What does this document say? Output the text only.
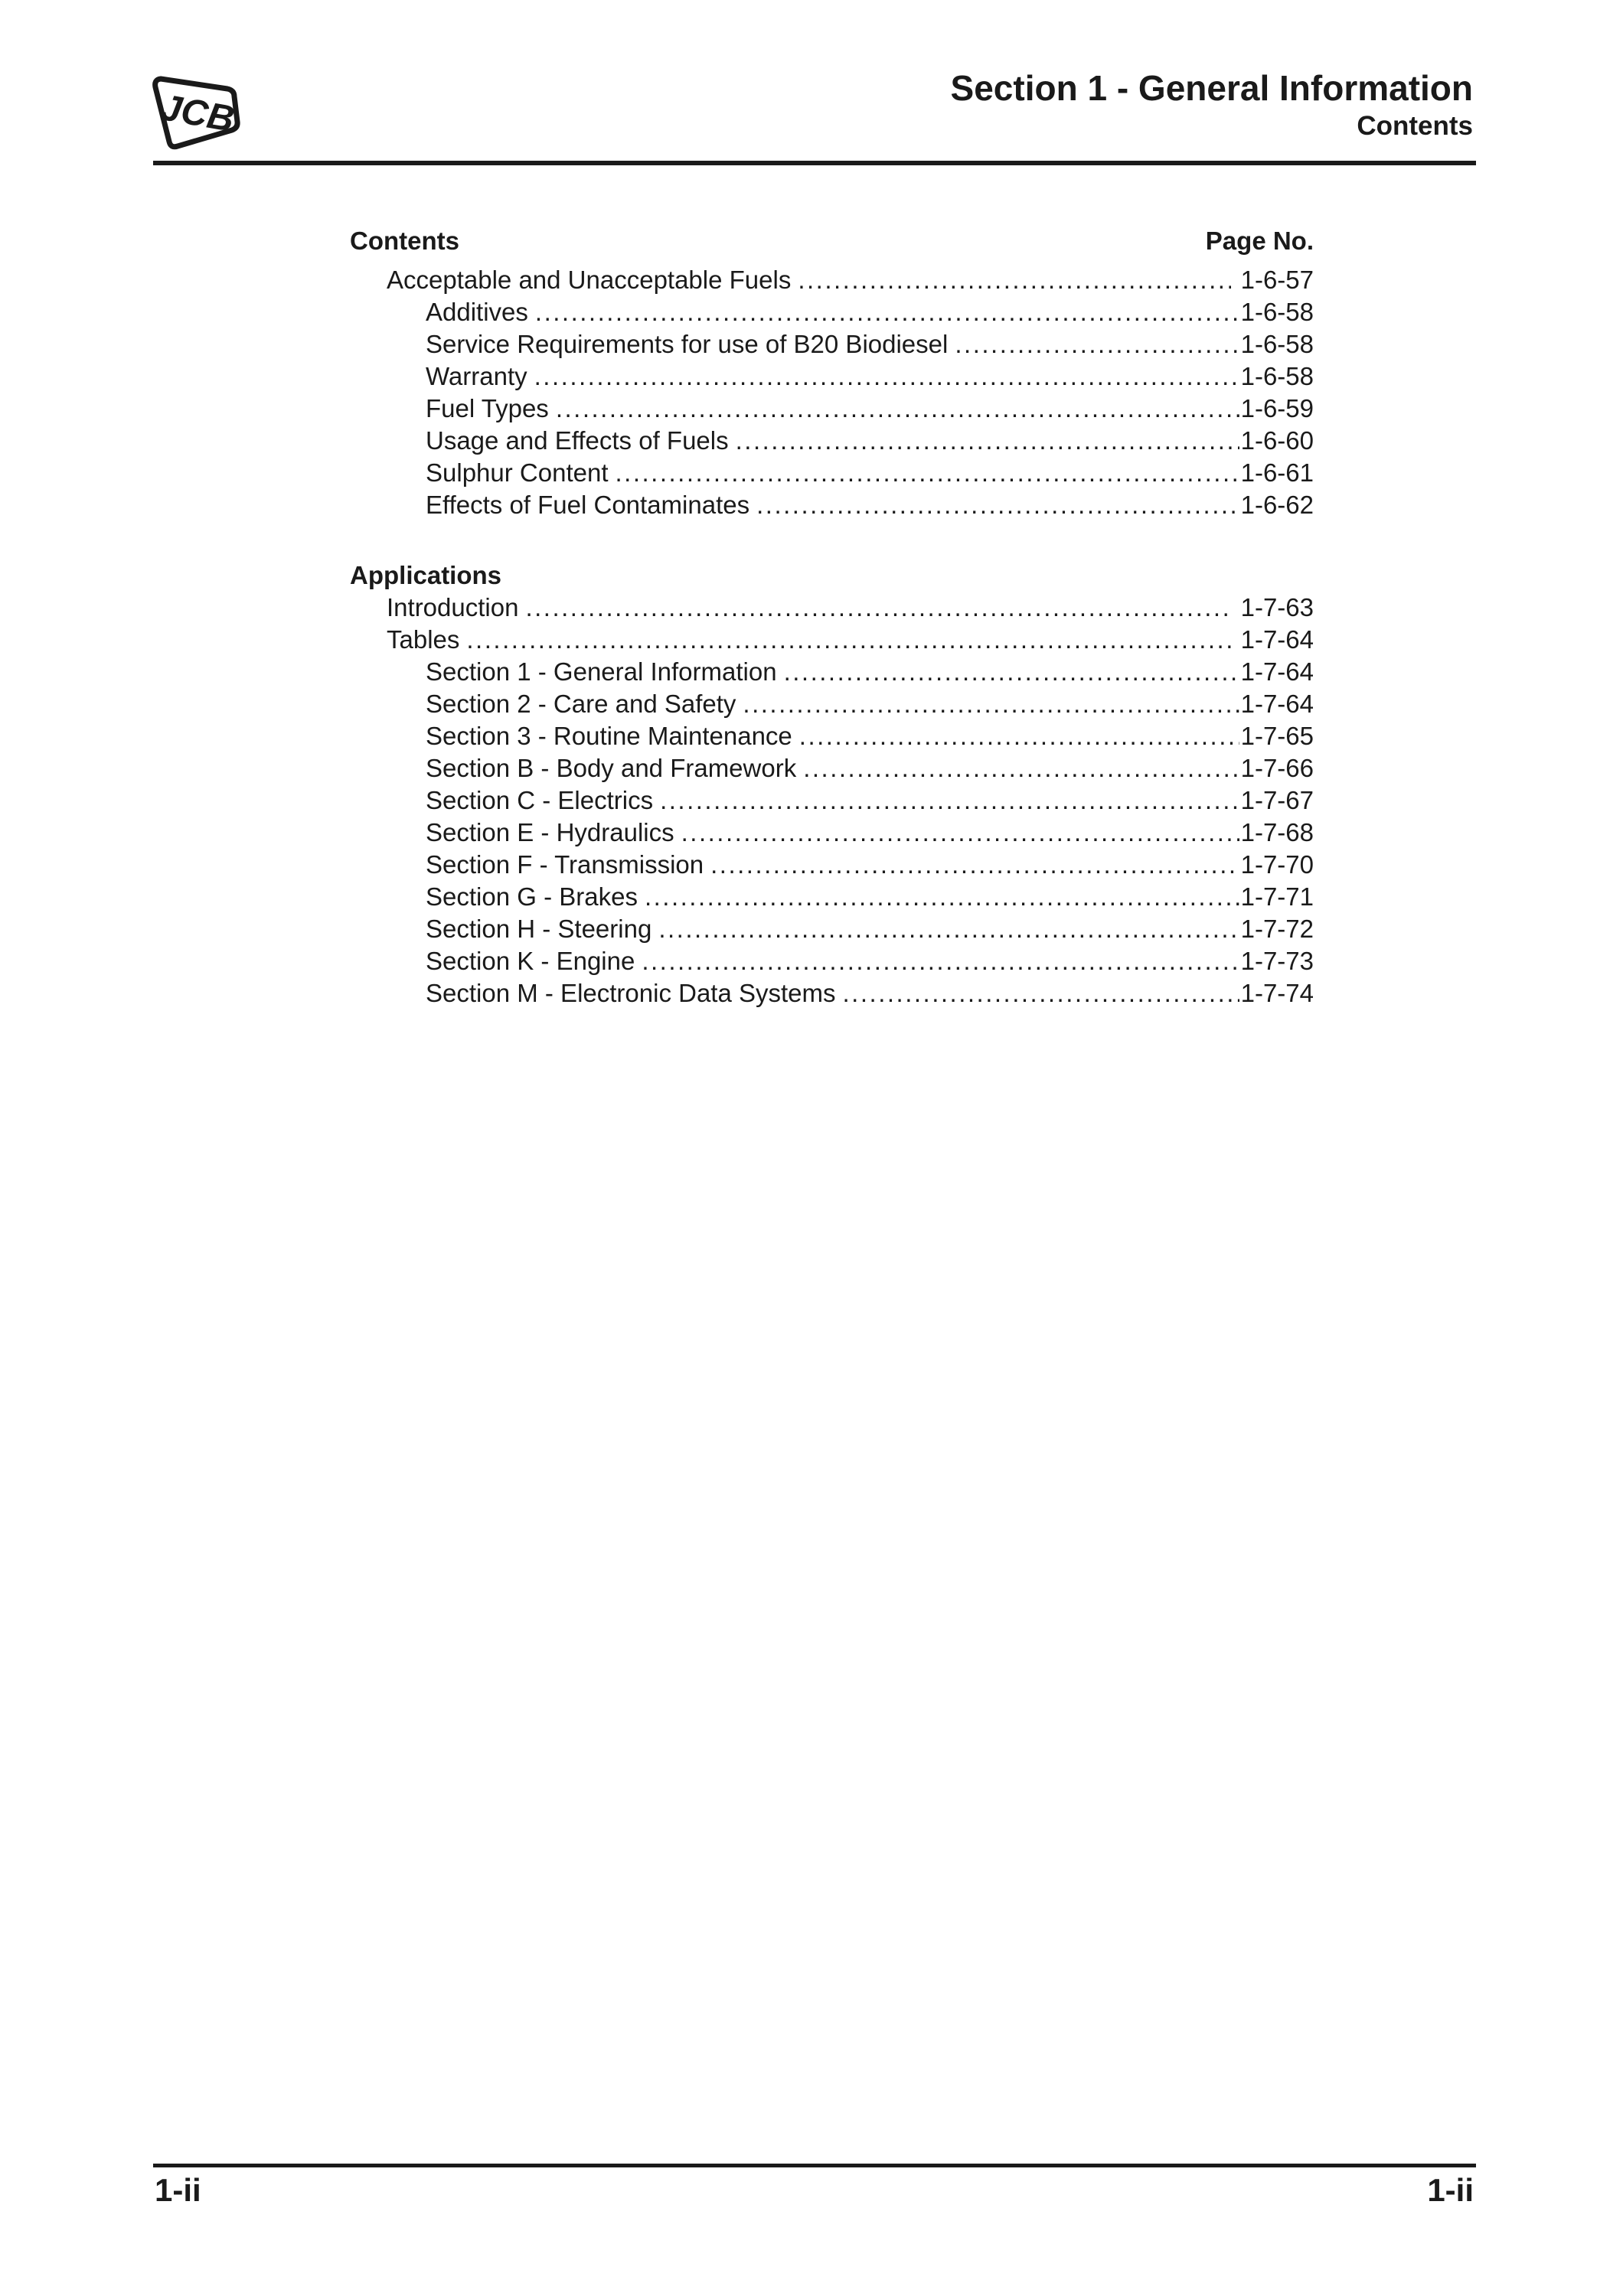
JCB	Section 1 - General Information
Contents
Contents	Page No.
Acceptable and Unacceptable Fuels .....	1-6-57
Additives .....	1-6-58
Service Requirements for use of B20 Biodiesel .....	1-6-58
Warranty .....	1-6-58
Fuel Types .....	1-6-59
Usage and Effects of Fuels .....	1-6-60
Sulphur Content .....	1-6-61
Effects of Fuel Contaminates .....	1-6-62
Applications
Introduction .....	1-7-63
Tables .....	1-7-64
Section 1 - General Information .....	1-7-64
Section 2 - Care and Safety .....	1-7-64
Section 3 - Routine Maintenance .....	1-7-65
Section B - Body and Framework .....	1-7-66
Section C - Electrics .....	1-7-67
Section E - Hydraulics .....	1-7-68
Section F - Transmission .....	1-7-70
Section G - Brakes .....	1-7-71
Section H - Steering .....	1-7-72
Section K - Engine .....	1-7-73
Section M - Electronic Data Systems .....	1-7-74
1-ii	1-ii
